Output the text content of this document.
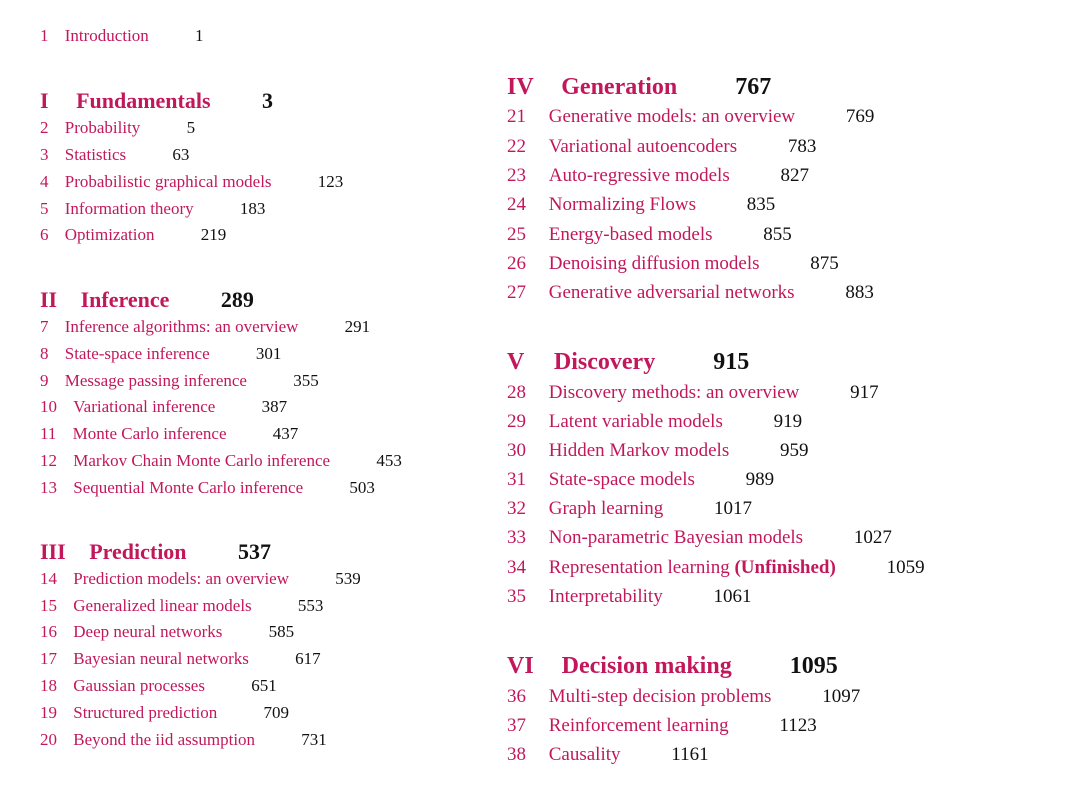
1 Introduction	1
I Fundamentals 3
2 Probability	5
3 Statistics	63
4 Probabilistic graphical models	123
5 Information theory	183
6 Optimization	219
II Inference 289
7 Inference algorithms: an overview	291
8 State-space inference	301
9 Message passing inference	355
10 Variational inference	387
11 Monte Carlo inference	437
12 Markov Chain Monte Carlo inference	453
13 Sequential Monte Carlo inference	503
III Prediction 537
14 Prediction models: an overview	539
15 Generalized linear models	553
16 Deep neural networks	585
17 Bayesian neural networks	617
18 Gaussian processes	651
19 Structured prediction	709
20 Beyond the iid assumption	731
IV Generation 767
21 Generative models: an overview	769
22 Variational autoencoders	783
23 Auto-regressive models	827
24 Normalizing Flows	835
25 Energy-based models	855
26 Denoising diffusion models	875
27 Generative adversarial networks	883
V Discovery 915
28 Discovery methods: an overview	917
29 Latent variable models	919
30 Hidden Markov models	959
31 State-space models	989
32 Graph learning	1017
33 Non-parametric Bayesian models	1027
34 Representation learning (Unfinished)	1059
35 Interpretability	1061
VI Decision making 1095
36 Multi-step decision problems	1097
37 Reinforcement learning	1123
38 Causality	1161
